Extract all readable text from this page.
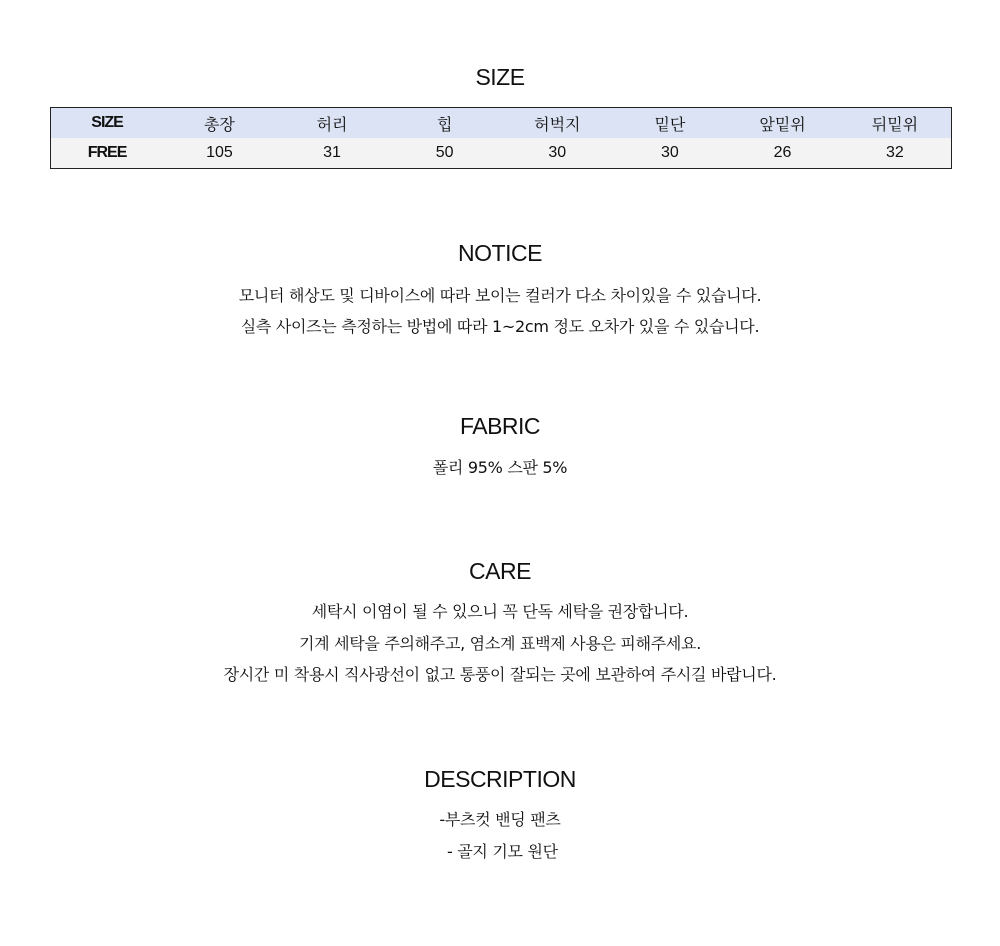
SIZE
SIZE	총장	허리	힙	허벅지	밑단	앞밑위	뒤밑위
FREE	105	31	50	30	30	26	32
NOTICE
모니터 해상도 및 디바이스에 따라 보이는 컬러가 다소 차이있을 수 있습니다.
실측 사이즈는 측정하는 방법에 따라 1~2cm 정도 오차가 있을 수 있습니다.
FABRIC
폴리 95% 스판 5%
CARE
세탁시 이염이 될 수 있으니 꼭 단독 세탁을 권장합니다.
기계 세탁을 주의해주고, 염소계 표백제 사용은 피해주세요.
장시간 미 착용시 직사광선이 없고 통풍이 잘되는 곳에 보관하여 주시길 바랍니다.
DESCRIPTION
-부츠컷 밴딩 팬츠
- 골지 기모 원단
